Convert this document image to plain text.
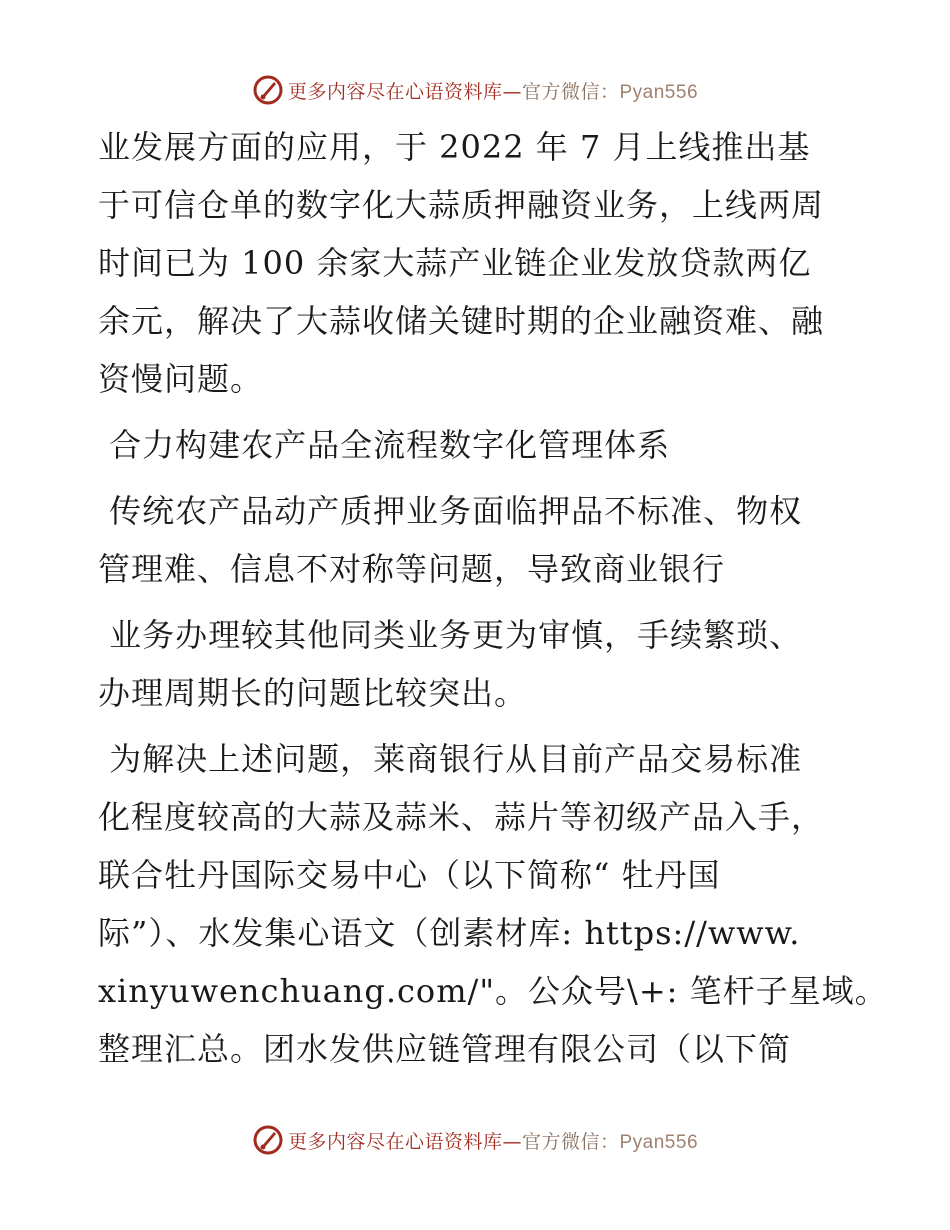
更多内容尽在心语资料库—官方微信：Pyan556
业发展方面的应用，于 2022 年 7 月上线推出基
于可信仓单的数字化大蒜质押融资业务，上线两周
时间已为 100 余家大蒜产业链企业发放贷款两亿
余元，解决了大蒜收储关键时期的企业融资难、融
资慢问题。
合力构建农产品全流程数字化管理体系
传统农产品动产质押业务面临押品不标准、物权
管理难、信息不对称等问题，导致商业银行
业务办理较其他同类业务更为审慎，手续繁琐、
办理周期长的问题比较突出。
为解决上述问题，莱商银行从目前产品交易标准
化程度较高的大蒜及蒜米、蒜片等初级产品入手，
联合牡丹国际交易中心（以下简称“ 牡丹国
际”）、水发集心语文（创素材库: https://www.
xinyuwenchuang.com/"。公众号\+: 笔杆子星域。
整理汇总。团水发供应链管理有限公司（以下简
更多内容尽在心语资料库—官方微信：Pyan556
